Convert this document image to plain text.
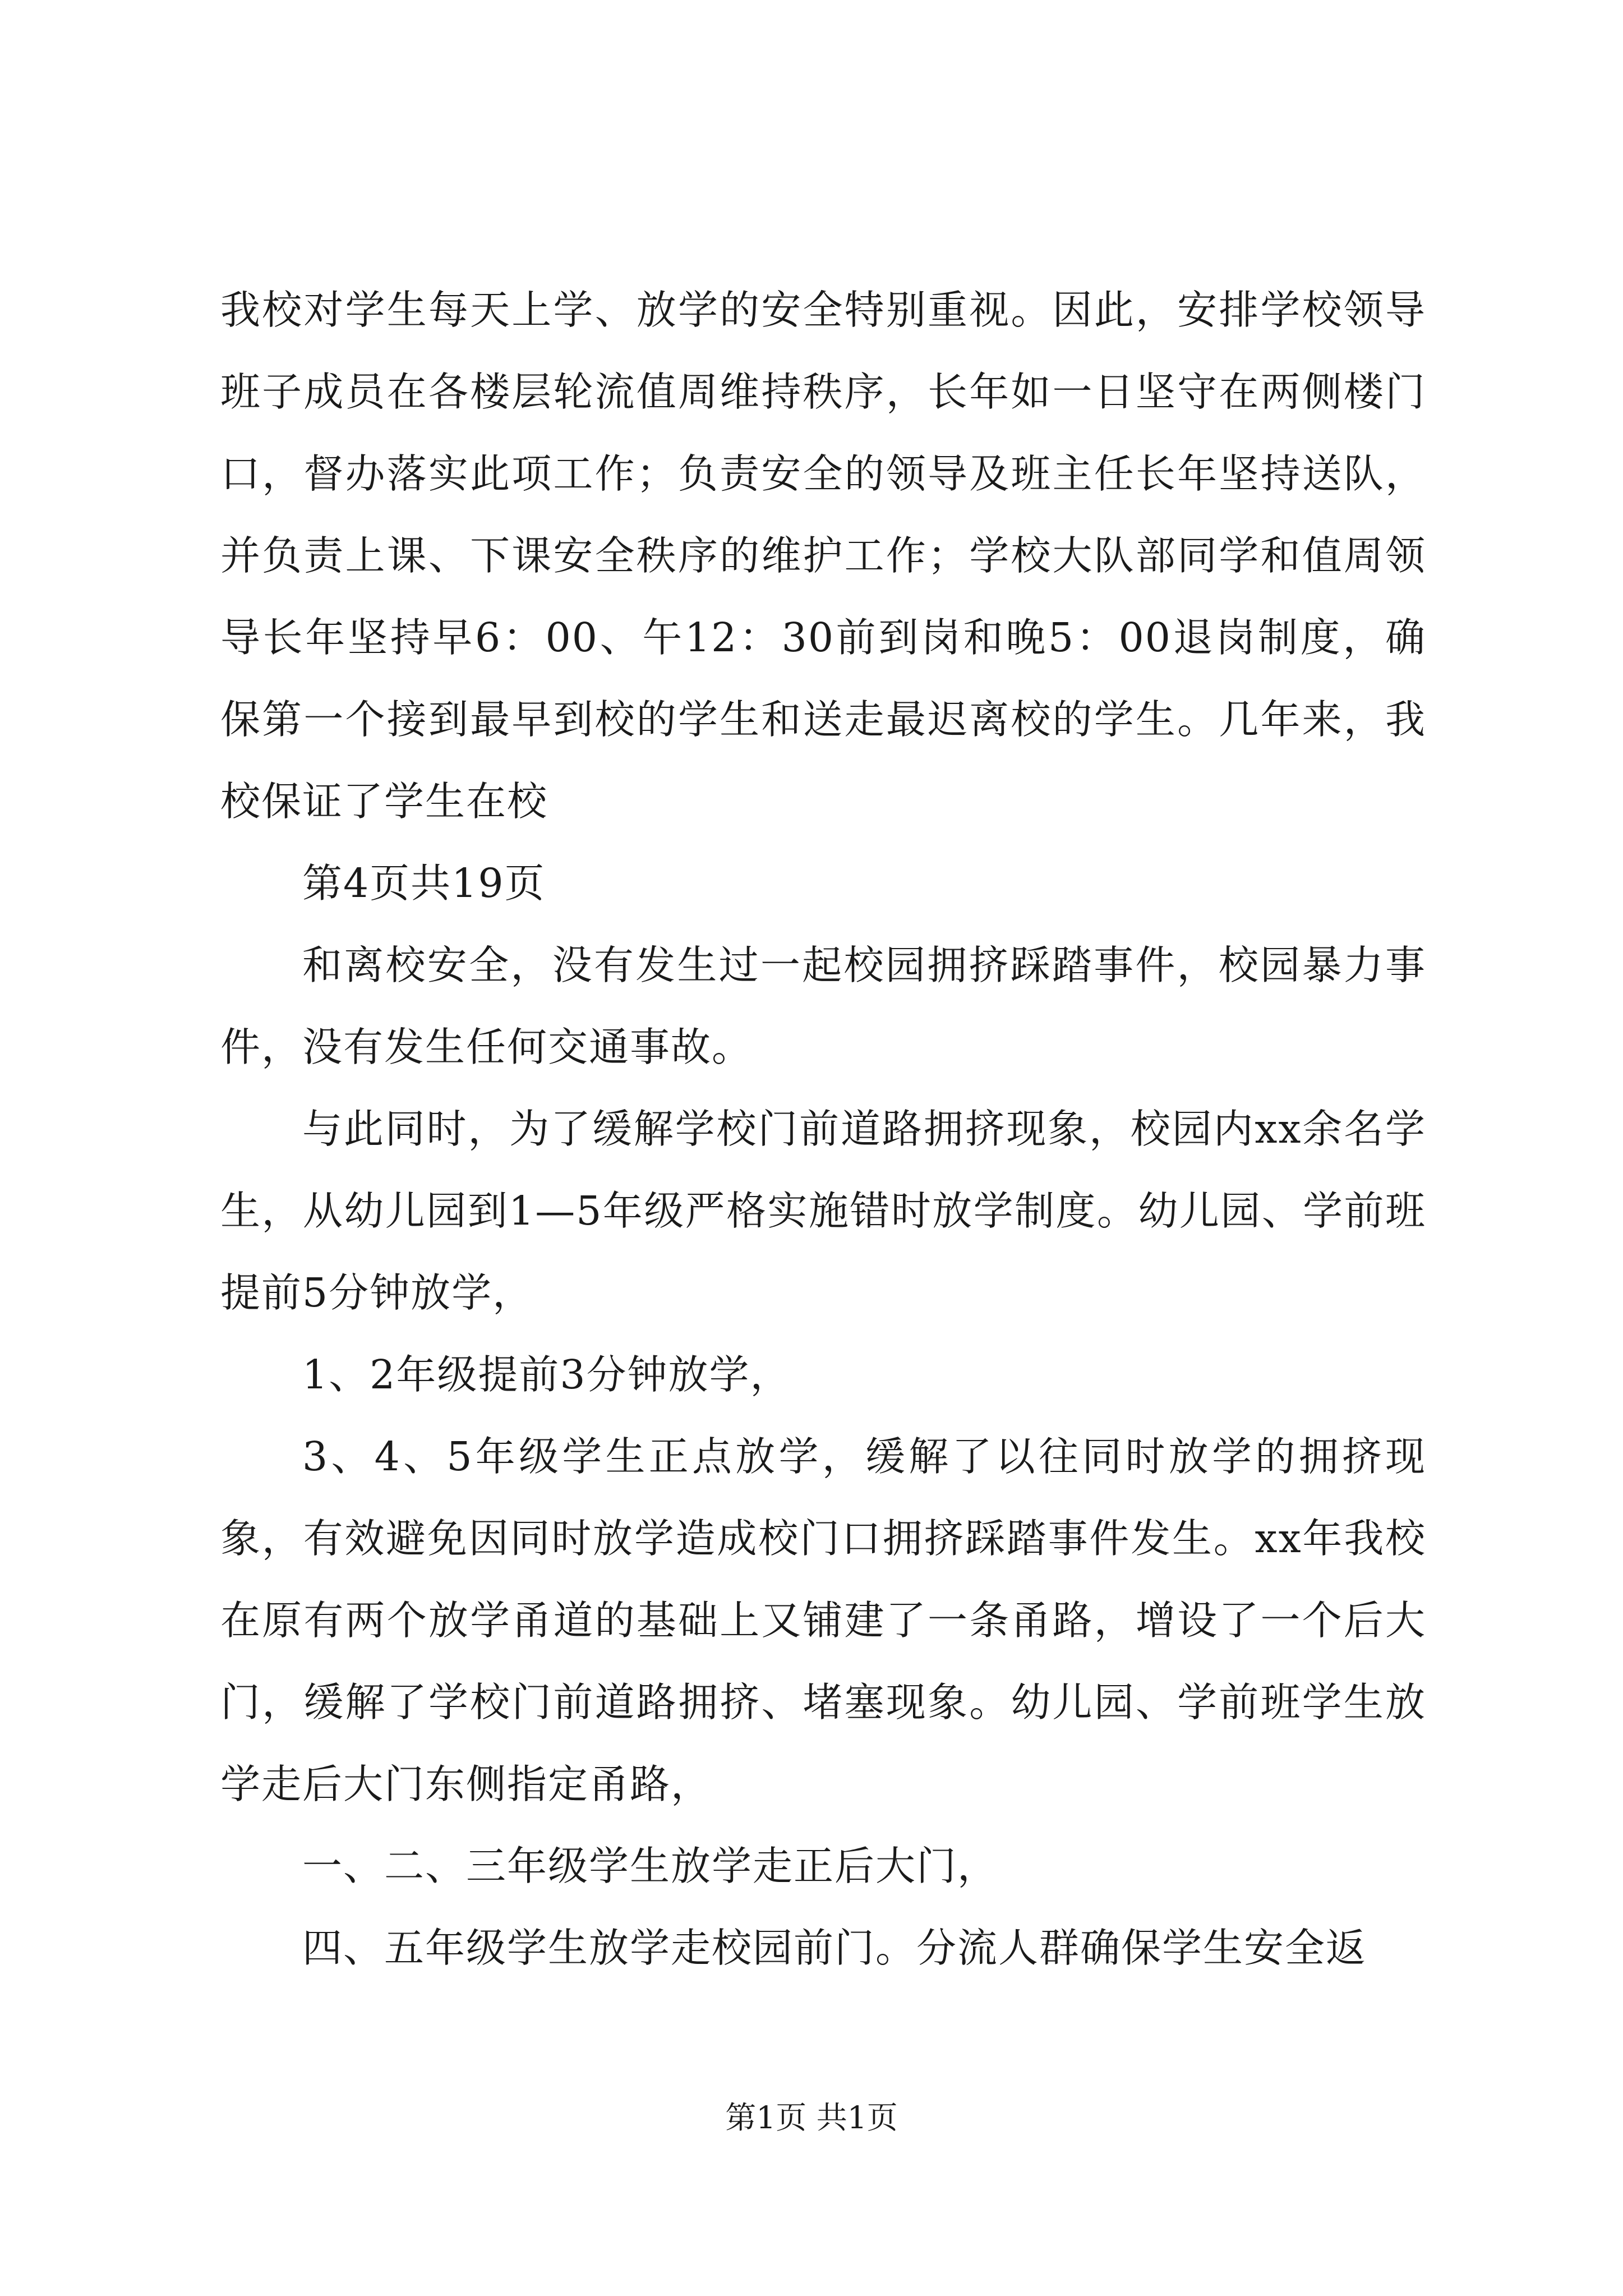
我校对学生每天上学、放学的安全特别重视。因此，安排学校领导班子成员在各楼层轮流值周维持秩序，长年如一日坚守在两侧楼门口，督办落实此项工作；负责安全的领导及班主任长年坚持送队，并负责上课、下课安全秩序的维护工作；学校大队部同学和值周领导长年坚持早6：00、午12：30前到岗和晚5：00退岗制度，确保第一个接到最早到校的学生和送走最迟离校的学生。几年来，我校保证了学生在校

第4页共19页

和离校安全，没有发生过一起校园拥挤踩踏事件，校园暴力事件，没有发生任何交通事故。

与此同时，为了缓解学校门前道路拥挤现象，校园内xx余名学生，从幼儿园到1—5年级严格实施错时放学制度。幼儿园、学前班提前5分钟放学，

1、2年级提前3分钟放学，

3、4、5年级学生正点放学，缓解了以往同时放学的拥挤现象，有效避免因同时放学造成校门口拥挤踩踏事件发生。xx年我校在原有两个放学甬道的基础上又铺建了一条甬路，增设了一个后大门，缓解了学校门前道路拥挤、堵塞现象。幼儿园、学前班学生放学走后大门东侧指定甬路，

一、二、三年级学生放学走正后大门，

四、五年级学生放学走校园前门。分流人群确保学生安全返

第1页 共1页
